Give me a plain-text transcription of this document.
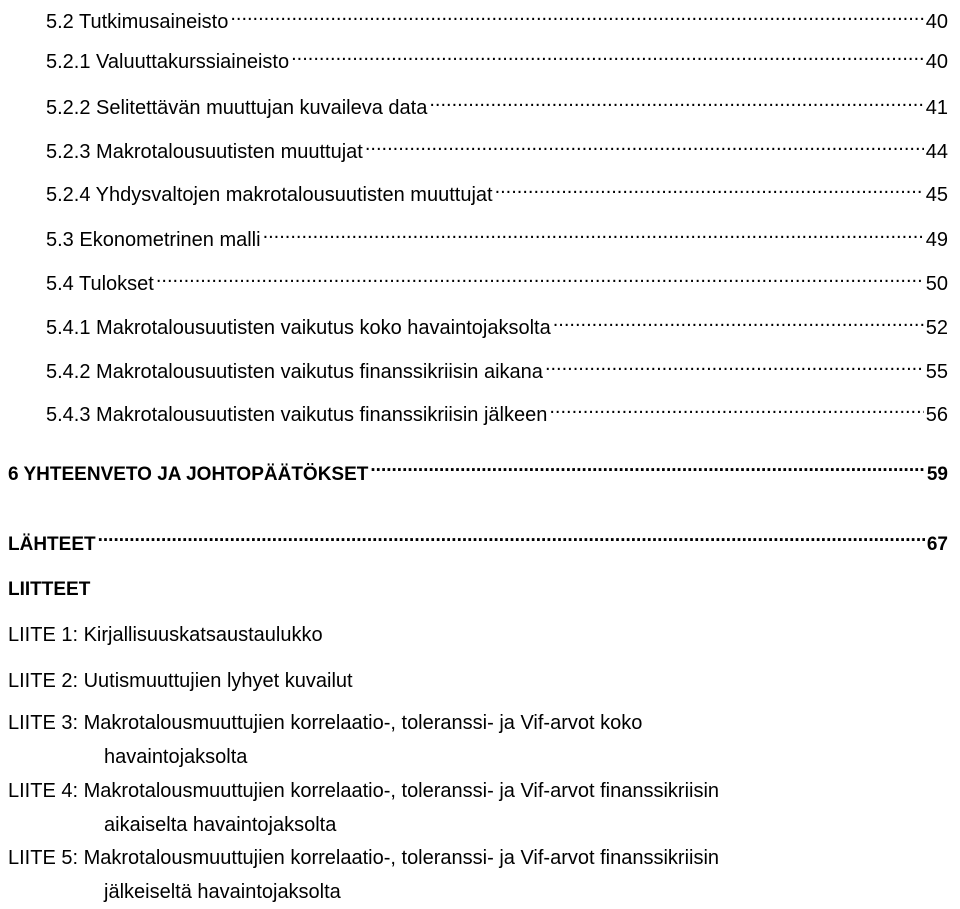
5.2 Tutkimusaineisto .....	40
5.2.1 Valuuttakurssiaineisto .....	40
5.2.2 Selitettävän muuttujan kuvaileva data .....	41
5.2.3 Makrotalousuutisten muuttujat .....	44
5.2.4 Yhdysvaltojen makrotalousuutisten muuttujat .....	45
5.3 Ekonometrinen malli .....	49
5.4 Tulokset .....	50
5.4.1 Makrotalousuutisten vaikutus koko havaintojaksolta .....	52
5.4.2 Makrotalousuutisten vaikutus finanssikriisin aikana .....	55
5.4.3 Makrotalousuutisten vaikutus finanssikriisin jälkeen .....	56
6 YHTEENVETO JA JOHTOPÄÄTÖKSET .....	59
LÄHTEET .....	67
LIITTEET
LIITE 1: Kirjallisuuskatsaustaulukko
LIITE 2: Uutismuuttujien lyhyet kuvailut
LIITE 3: Makrotalousmuuttujien korrelaatio-, toleranssi- ja Vif-arvot koko
havaintojaksolta
LIITE 4: Makrotalousmuuttujien korrelaatio-, toleranssi- ja Vif-arvot finanssikriisin
aikaiselta havaintojaksolta
LIITE 5: Makrotalousmuuttujien korrelaatio-, toleranssi- ja Vif-arvot finanssikriisin
jälkeiseltä havaintojaksolta
